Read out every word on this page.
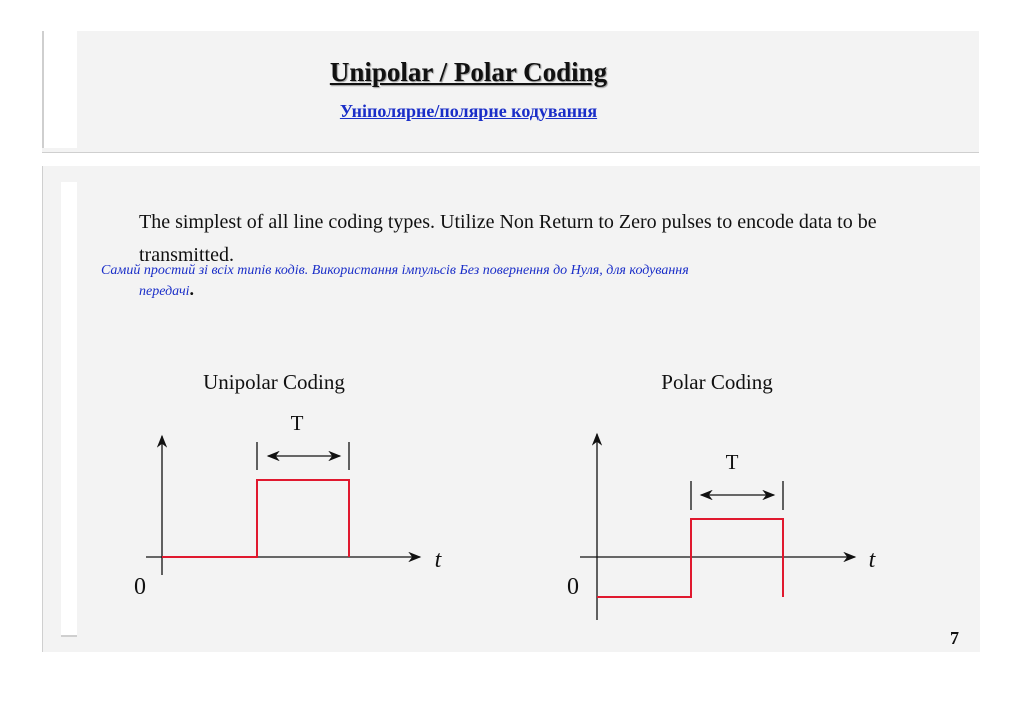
Unipolar / Polar Coding
Уніполярне/полярне кодування
The simplest of all line coding types. Utilize Non Return to Zero pulses to encode data to be transmitted.
Самий простий зі всіх типів кодів. Використання імпульсів Без повернення до Нуля, для кодування
передачі.
Unipolar Coding
t
0
T
Polar Coding
t
0
T
7
